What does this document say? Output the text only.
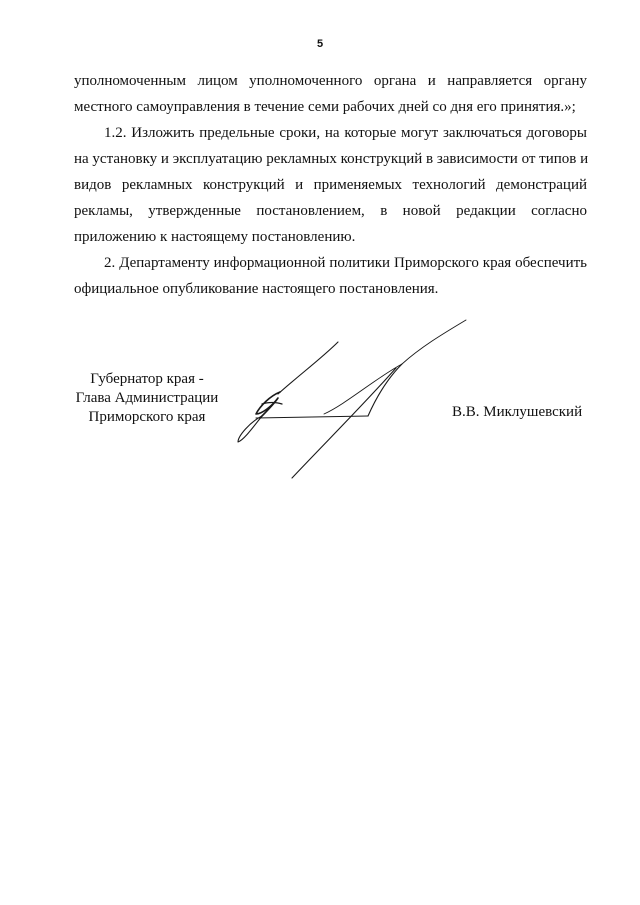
5

уполномоченным лицом уполномоченного органа и направляется органу
местного самоуправления в течение семи рабочих дней со дня его принятия.»;

1.2. Изложить предельные сроки, на которые могут заключаться договоры
на установку и эксплуатацию рекламных конструкций в зависимости от типов и
видов рекламных конструкций и применяемых технологий демонстраций
рекламы, утвержденные постановлением, в новой редакции согласно
приложению к настоящему постановлению.

2. Департаменту информационной политики Приморского края обеспечить
официальное опубликование настоящего постановления.

Губернатор края -
Глава Администрации
Приморского края	В.В. Миклушевский
